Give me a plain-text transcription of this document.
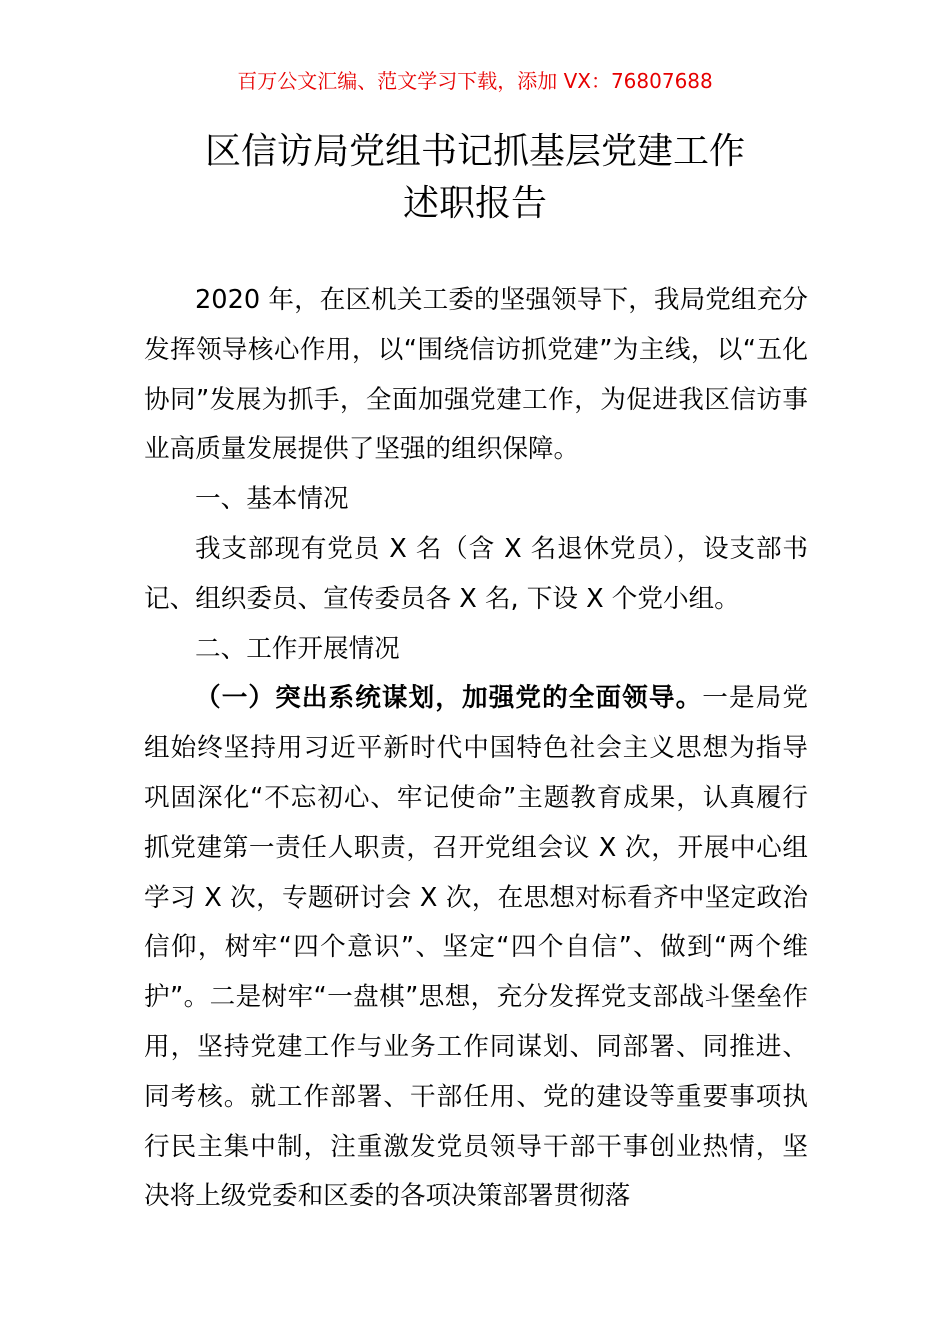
百万公文汇编、范文学习下载，添加 VX：76807688
区信访局党组书记抓基层党建工作
述职报告

2020 年，在区机关工委的坚强领导下，我局党组充分发挥领导核心作用，以“围绕信访抓党建”为主线，以“五化协同”发展为抓手，全面加强党建工作，为促进我区信访事业高质量发展提供了坚强的组织保障。

一、基本情况

我支部现有党员 X 名（含 X 名退休党员），设支部书记、组织委员、宣传委员各 X 名, 下设 X 个党小组。

二、工作开展情况

（一）突出系统谋划，加强党的全面领导。一是局党组始终坚持用习近平新时代中国特色社会主义思想为指导巩固深化“不忘初心、牢记使命”主题教育成果，认真履行抓党建第一责任人职责，召开党组会议 X 次，开展中心组学习 X 次，专题研讨会 X 次，在思想对标看齐中坚定政治信仰，树牢“四个意识”、坚定“四个自信”、做到“两个维护”。二是树牢“一盘棋”思想，充分发挥党支部战斗堡垒作用，坚持党建工作与业务工作同谋划、同部署、同推进、同考核。就工作部署、干部任用、党的建设等重要事项执行民主集中制，注重激发党员领导干部干事创业热情，坚决将上级党委和区委的各项决策部署贯彻落
